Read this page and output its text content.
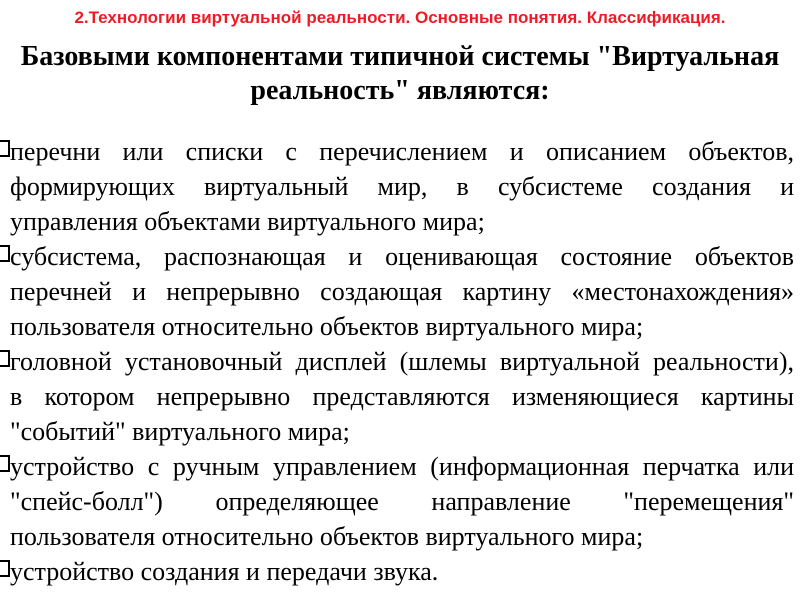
2.Технологии виртуальной реальности. Основные понятия. Классификация.
Базовыми компонентами типичной системы "Виртуальная
реальность" являются:
перечни или списки с перечислением и описанием объектов,
формирующих виртуальный мир, в субсистеме создания и
управления объектами виртуального мира;
субсистема, распознающая и оценивающая состояние объектов
перечней и непрерывно создающая картину «местонахождения»
пользователя относительно объектов виртуального мира;
головной установочный дисплей (шлемы виртуальной реальности),
в котором непрерывно представляются изменяющиеся картины
"событий" виртуального мира;
устройство с ручным управлением (информационная перчатка или
"спейс-болл") определяющее направление "перемещения"
пользователя относительно объектов виртуального мира;
устройство создания и передачи звука.
